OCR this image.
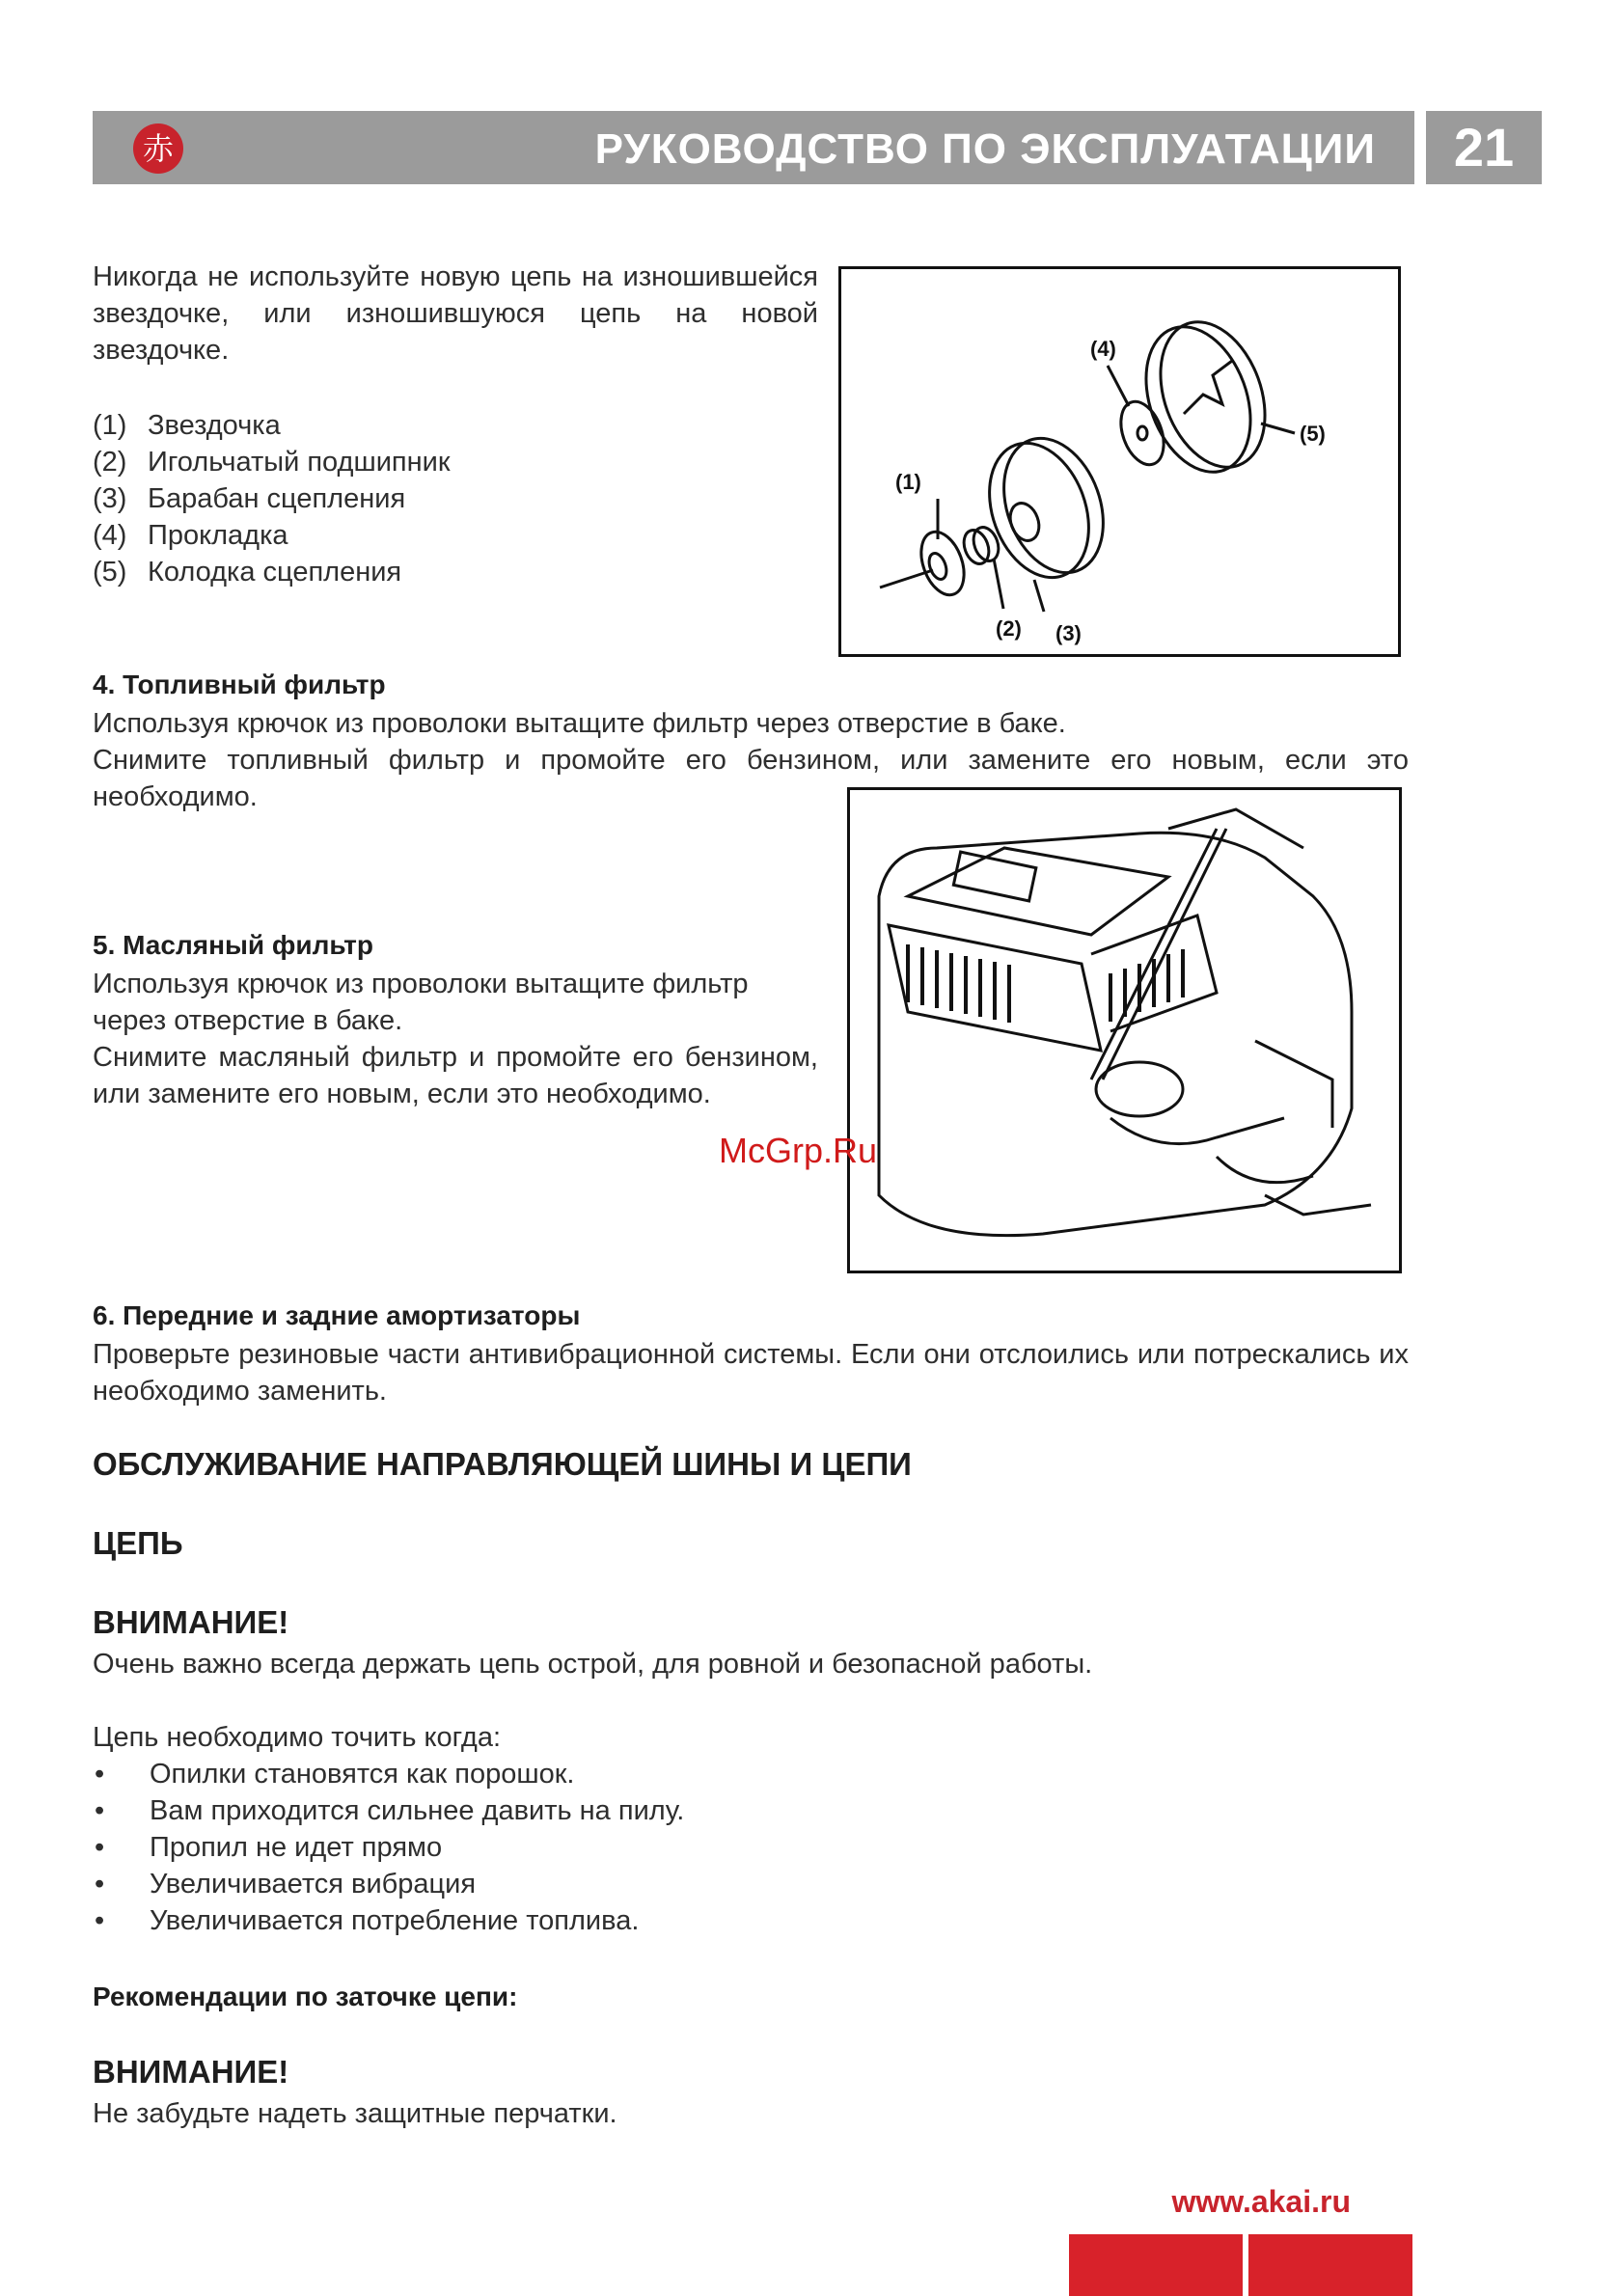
赤	РУКОВОДСТВО ПО ЭКСПЛУАТАЦИИ	21
Никогда не используйте новую цепь на изношившейся звездочке, или изношившуюся цепь на новой звездочке.
(1) Звездочка
(2) Игольчатый подшипник
(3) Барабан сцепления
(4) Прокладка
(5) Колодка сцепления
(1)
(2) (3)
(4)
(5)
4. Топливный фильтр
Используя крючок из проволоки вытащите фильтр через отверстие в баке.
Снимите топливный фильтр и промойте его бензином, или замените его новым, если это необходимо.
5. Масляный фильтр
Используя крючок из проволоки вытащите фильтр через отверстие в баке.
Снимите масляный фильтр и промойте его бензином, или замените его новым, если это необходимо.
McGrp.Ru
6. Передние и задние амортизаторы
Проверьте резиновые части антивибрационной системы. Если они отслоились или потрескались их необходимо заменить.
ОБСЛУЖИВАНИЕ НАПРАВЛЯЮЩЕЙ ШИНЫ И ЦЕПИ
ЦЕПЬ
ВНИМАНИЕ!
Очень важно всегда держать цепь острой, для ровной и безопасной работы.
Цепь необходимо точить когда:
•	Опилки становятся как порошок.
•	Вам приходится сильнее давить на пилу.
•	Пропил не идет прямо
•	Увеличивается вибрация
•	Увеличивается потребление топлива.
Рекомендации по заточке цепи:
ВНИМАНИЕ!
Не забудьте надеть защитные перчатки.
www.akai.ru
